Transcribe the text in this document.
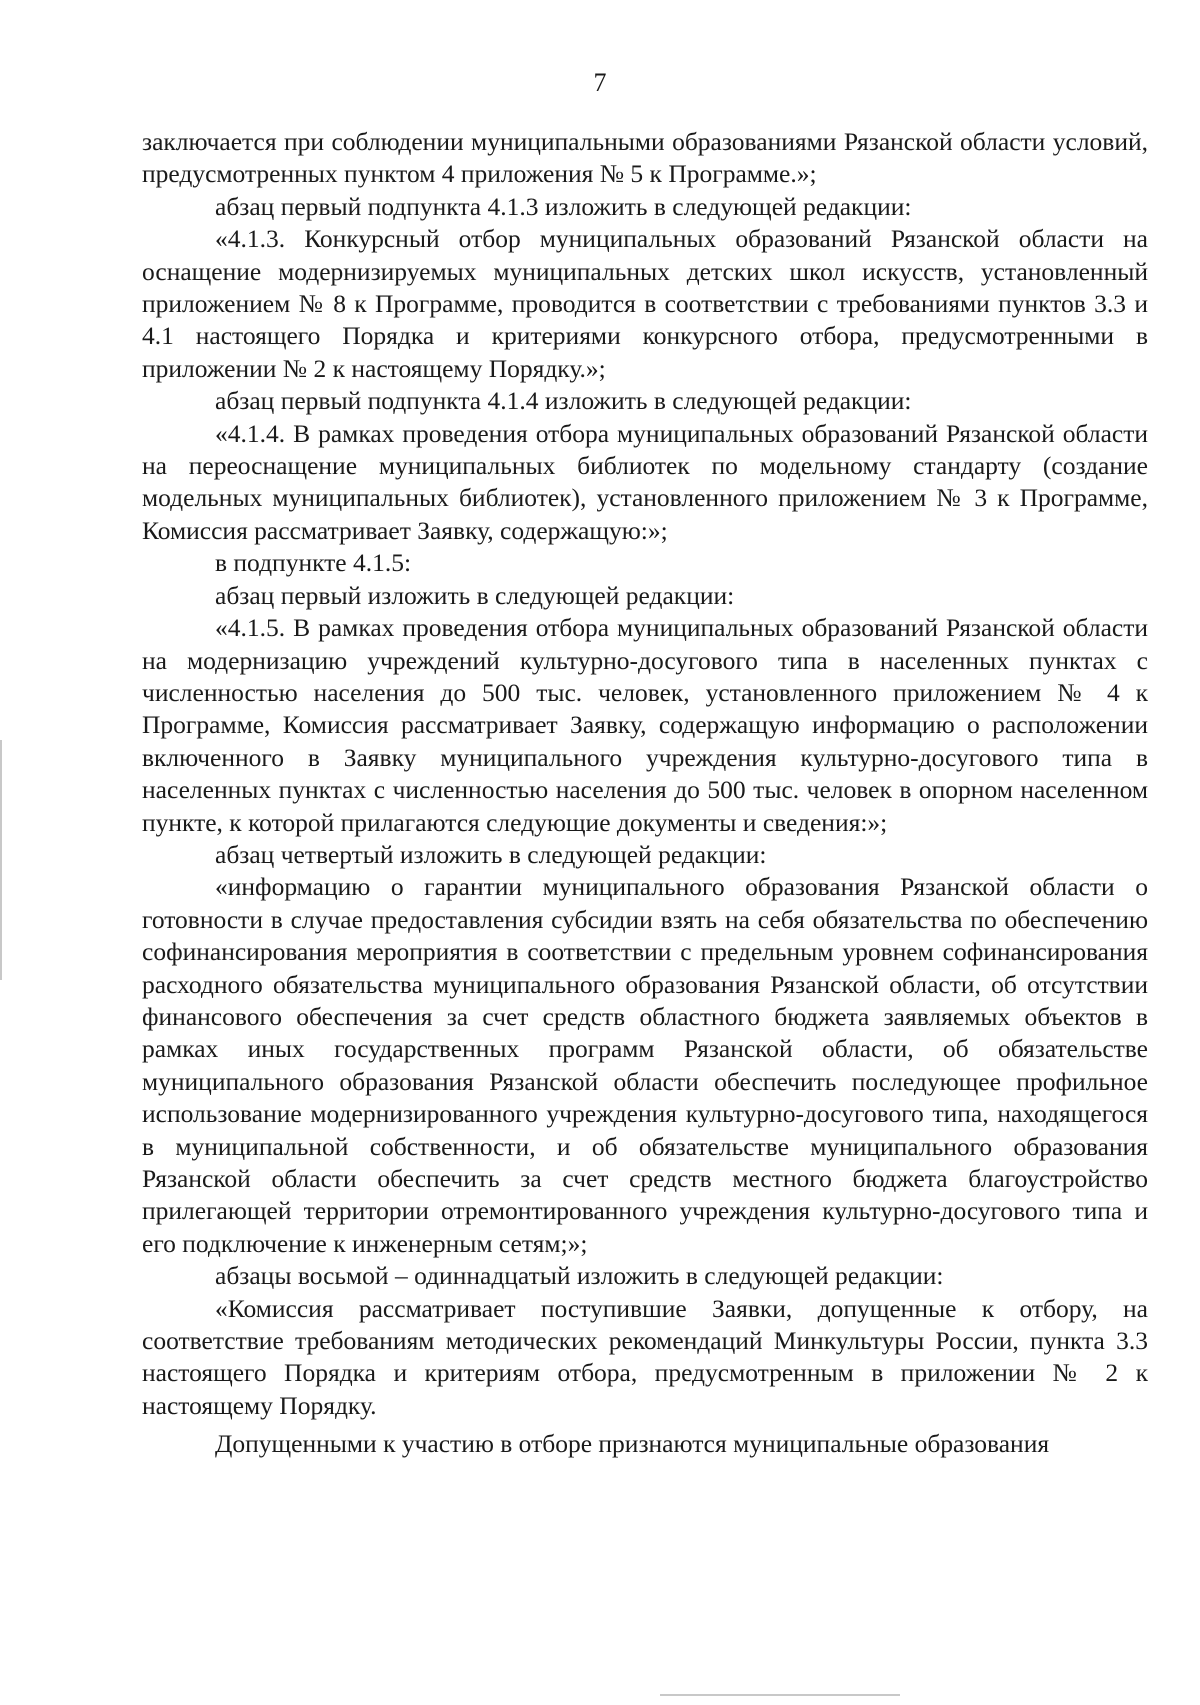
7

заключается при соблюдении муниципальными образованиями Рязанской области условий, предусмотренных пунктом 4 приложения № 5 к Программе.»;

абзац первый подпункта 4.1.3 изложить в следующей редакции:

«4.1.3. Конкурсный отбор муниципальных образований Рязанской области на оснащение модернизируемых муниципальных детских школ искусств, установленный приложением № 8 к Программе, проводится в соответствии с требованиями пунктов 3.3 и 4.1 настоящего Порядка и критериями конкурсного отбора, предусмотренными в приложении № 2 к настоящему Порядку.»;

абзац первый подпункта 4.1.4 изложить в следующей редакции:

«4.1.4. В рамках проведения отбора муниципальных образований Рязанской области на переоснащение муниципальных библиотек по модельному стандарту (создание модельных муниципальных библиотек), установленного приложением № 3 к Программе, Комиссия рассматривает Заявку, содержащую:»;

в подпункте 4.1.5:

абзац первый изложить в следующей редакции:

«4.1.5. В рамках проведения отбора муниципальных образований Рязанской области на модернизацию учреждений культурно-досугового типа в населенных пунктах с численностью населения до 500 тыс. человек, установленного приложением № 4 к Программе, Комиссия рассматривает Заявку, содержащую информацию о расположении включенного в Заявку муниципального учреждения культурно-досугового типа в населенных пунктах с численностью населения до 500 тыс. человек в опорном населенном пункте, к которой прилагаются следующие документы и сведения:»;

абзац четвертый изложить в следующей редакции:

«информацию о гарантии муниципального образования Рязанской области о готовности в случае предоставления субсидии взять на себя обязательства по обеспечению софинансирования мероприятия в соответствии с предельным уровнем софинансирования расходного обязательства муниципального образования Рязанской области, об отсутствии финансового обеспечения за счет средств областного бюджета заявляемых объектов в рамках иных государственных программ Рязанской области, об обязательстве муниципального образования Рязанской области обеспечить последующее профильное использование модернизированного учреждения культурно-досугового типа, находящегося в муниципальной собственности, и об обязательстве муниципального образования Рязанской области обеспечить за счет средств местного бюджета благоустройство прилегающей территории отремонтированного учреждения культурно-досугового типа и его подключение к инженерным сетям;»;

абзацы восьмой – одиннадцатый изложить в следующей редакции:

«Комиссия рассматривает поступившие Заявки, допущенные к отбору, на соответствие требованиям методических рекомендаций Минкультуры России, пункта 3.3 настоящего Порядка и критериям отбора, предусмотренным в приложении № 2 к настоящему Порядку.

Допущенными к участию в отборе признаются муниципальные образования
